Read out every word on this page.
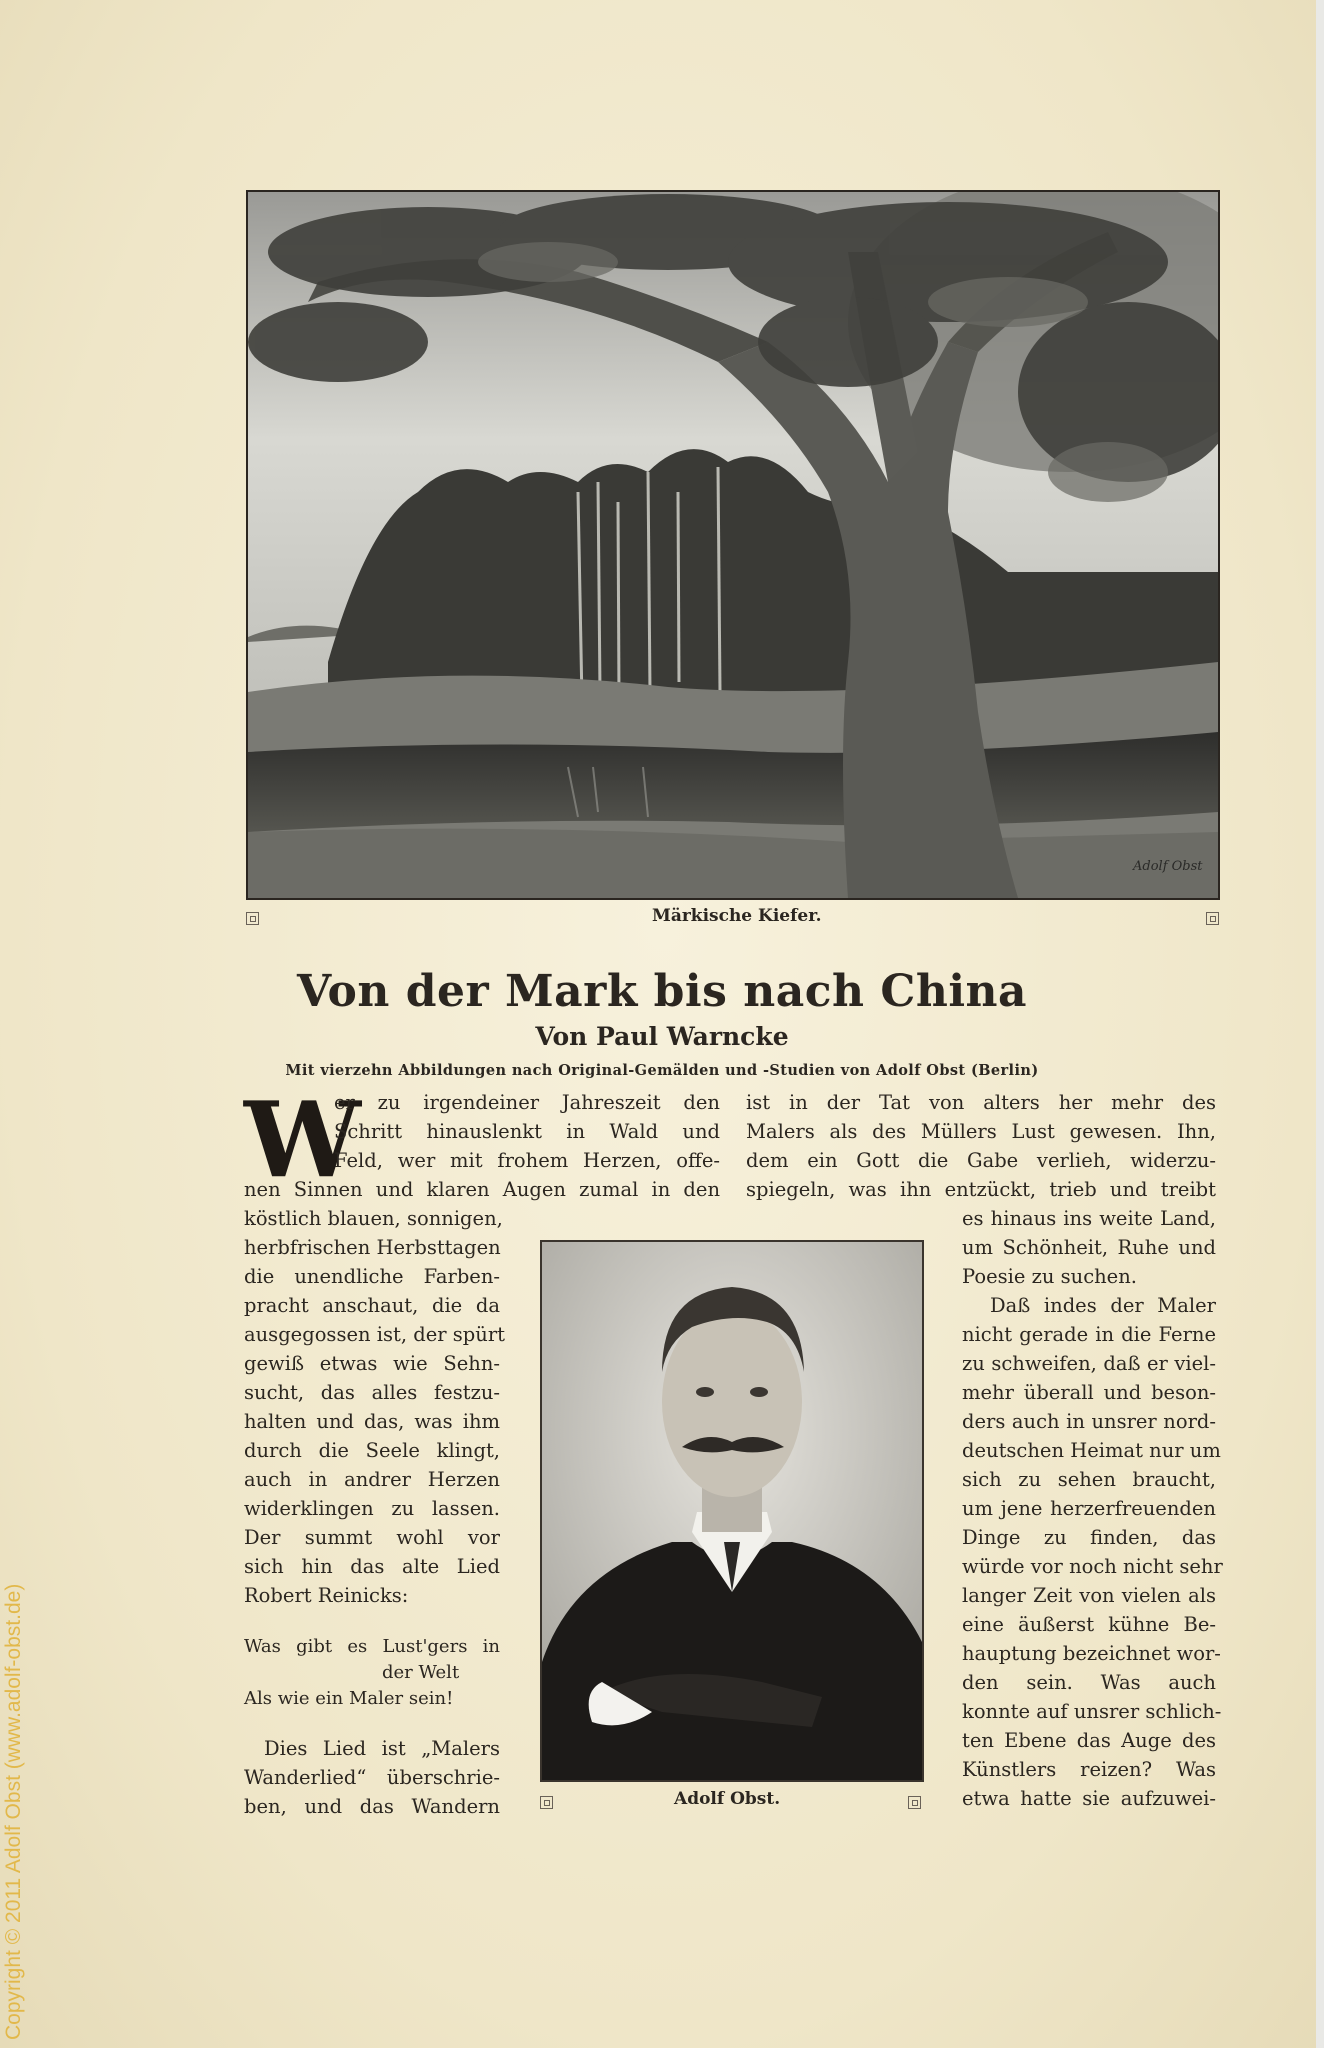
Copyright © 2011 Adolf Obst (www.adolf-obst.de)
Adolf Obst
Märkische Kiefer.
Von der Mark bis nach China
Von Paul Warncke
Mit vierzehn Abbildungen nach Original-Gemälden und -Studien von Adolf Obst (Berlin)
W
er zu irgendeiner Jahreszeit den
Schritt hinauslenkt in Wald und
Feld, wer mit frohem Herzen, offe-
nen Sinnen und klaren Augen zumal in den
köstlich blauen, sonnigen,
herbfrischen Herbsttagen
die unendliche Farben-
pracht anschaut, die da
ausgegossen ist, der spürt
gewiß etwas wie Sehn-
sucht, das alles festzu-
halten und das, was ihm
durch die Seele klingt,
auch in andrer Herzen
widerklingen zu lassen.
Der summt wohl vor
sich hin das alte Lied
Robert Reinicks:
Was gibt es Lust'gers in
der Welt
Als wie ein Maler sein!
Dies Lied ist „Malers
Wanderlied“ überschrie-
ben, und das Wandern	Adolf Obst.
ist in der Tat von alters her mehr des
Malers als des Müllers Lust gewesen. Ihn,
dem ein Gott die Gabe verlieh, widerzu-
spiegeln, was ihn entzückt, trieb und treibt
es hinaus ins weite Land,
um Schönheit, Ruhe und
Poesie zu suchen.
Daß indes der Maler
nicht gerade in die Ferne
zu schweifen, daß er viel-
mehr überall und beson-
ders auch in unsrer nord-
deutschen Heimat nur um
sich zu sehen braucht,
um jene herzerfreuenden
Dinge zu finden, das
würde vor noch nicht sehr
langer Zeit von vielen als
eine äußerst kühne Be-
hauptung bezeichnet wor-
den sein. Was auch
konnte auf unsrer schlich-
ten Ebene das Auge des
Künstlers reizen? Was
etwa hatte sie aufzuwei-
